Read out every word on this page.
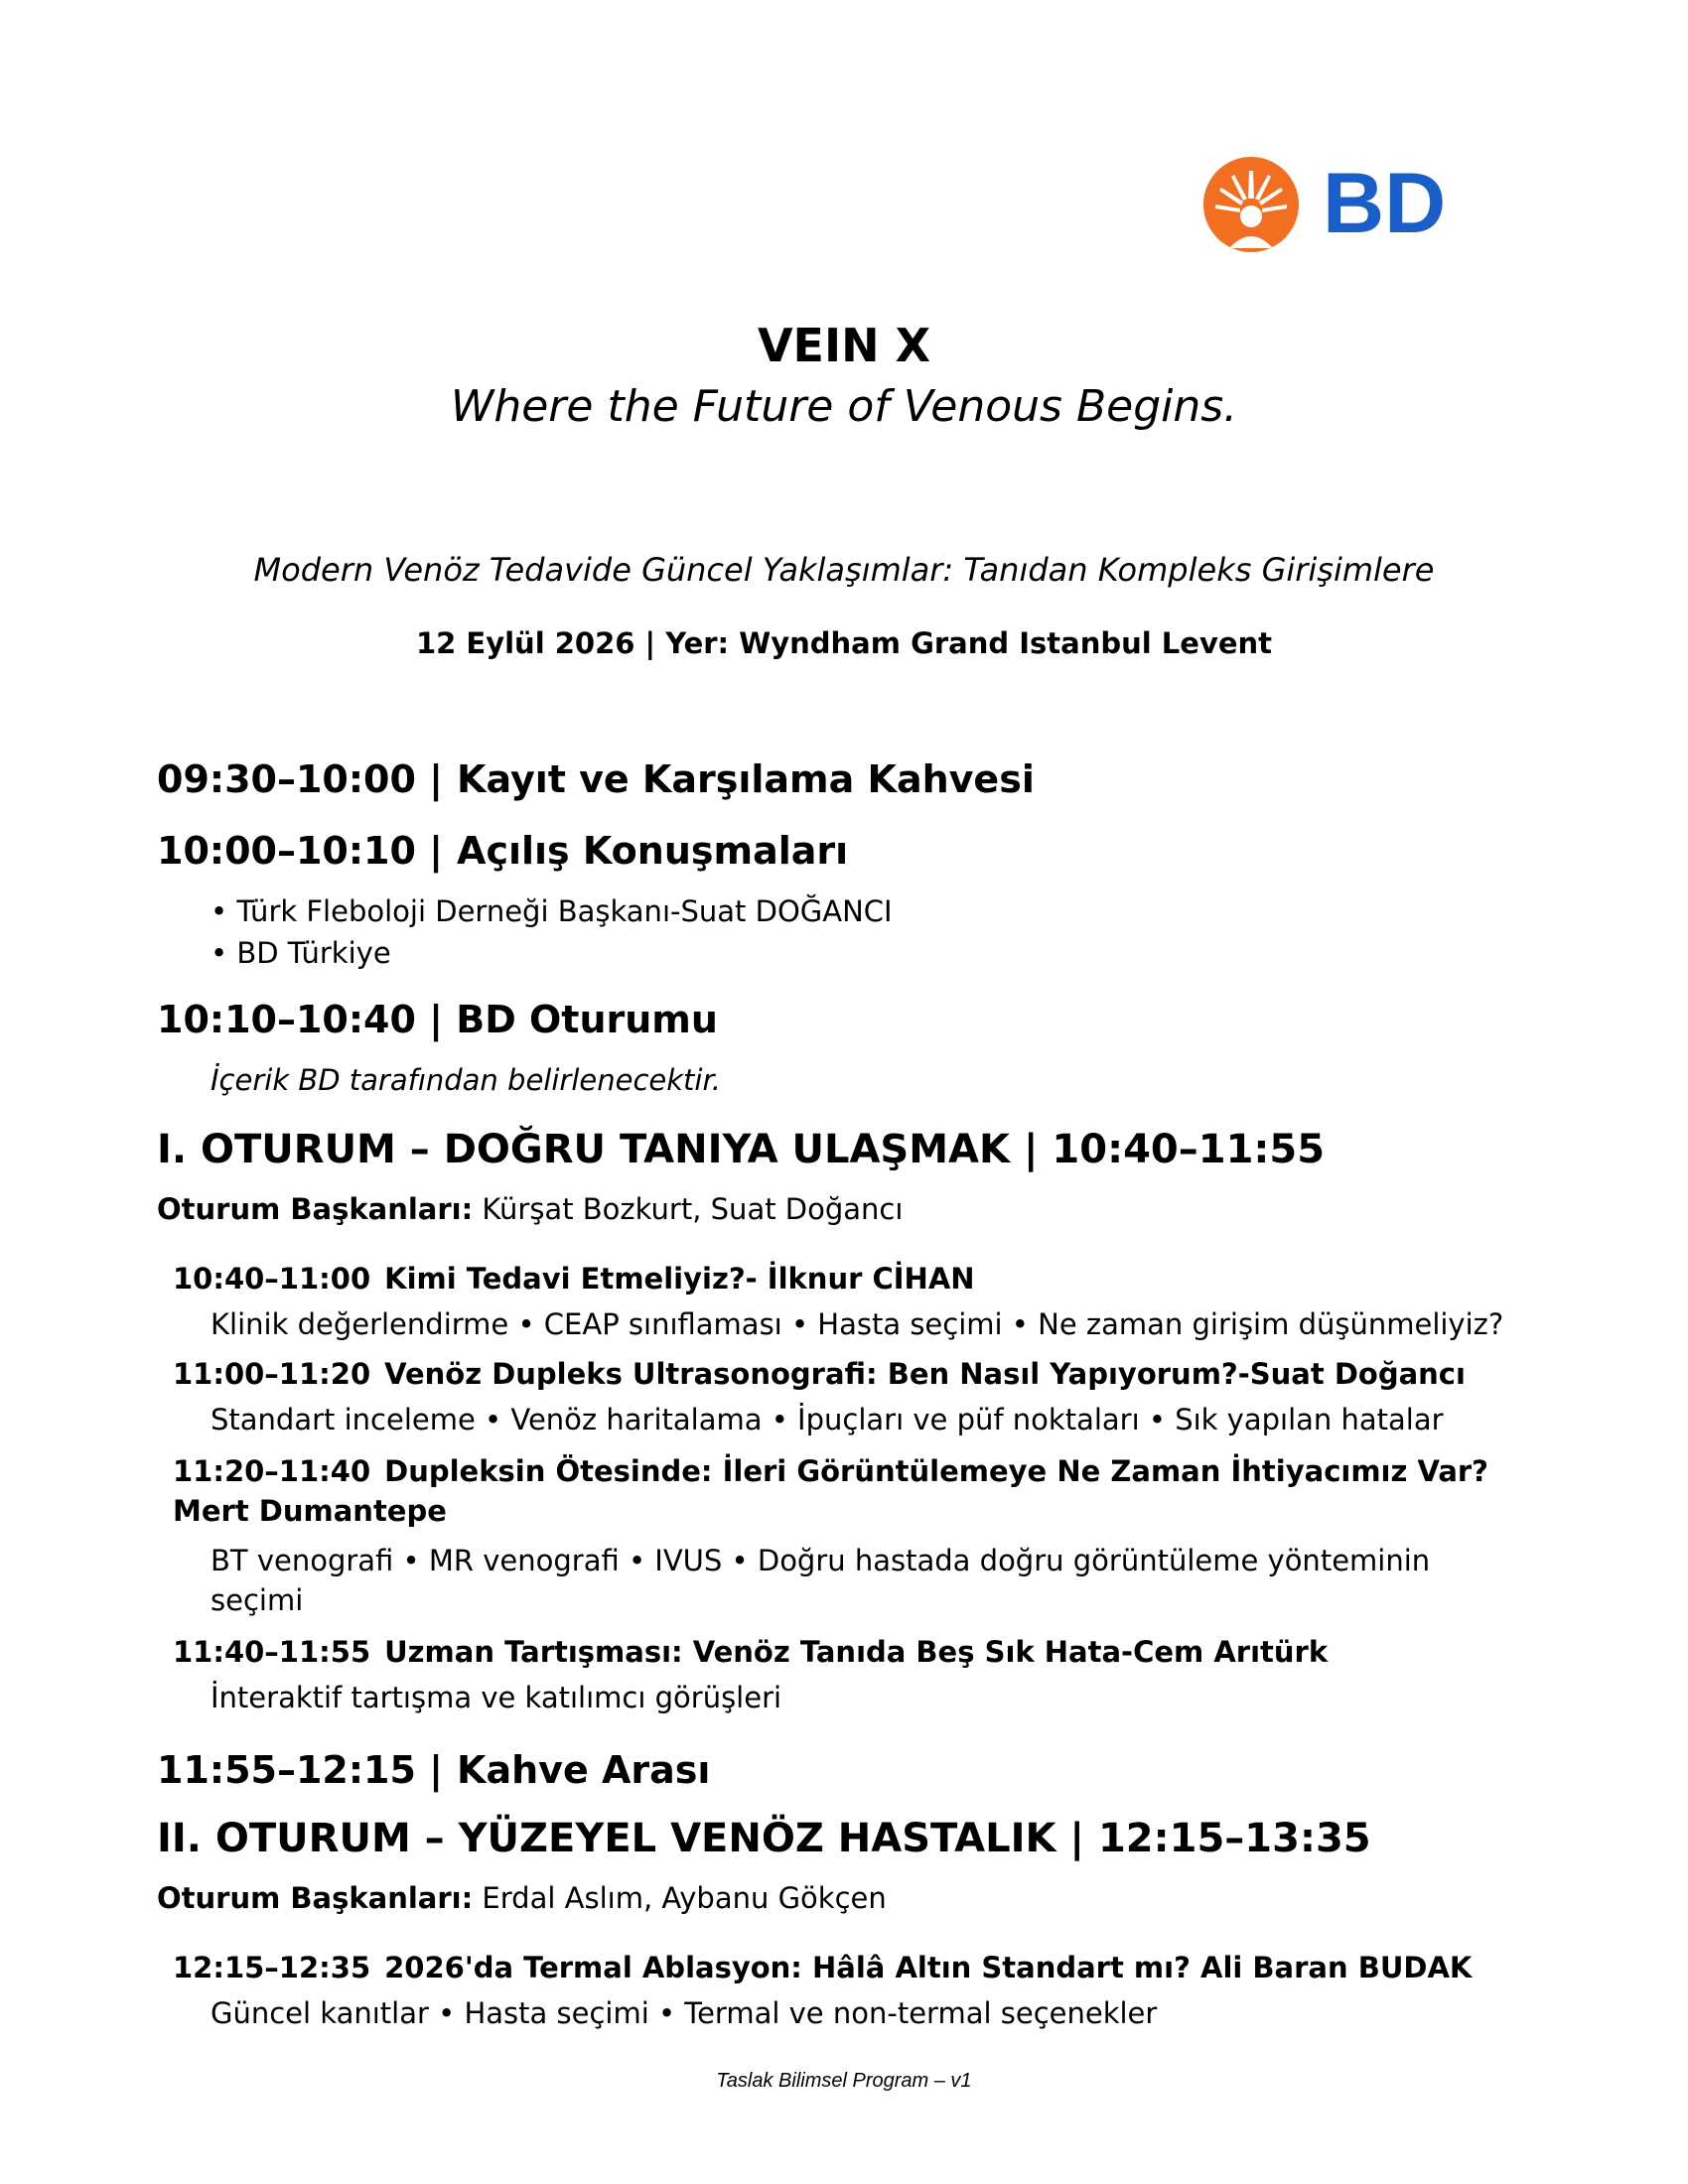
BD
VEIN X
Where the Future of Venous Begins.
Modern Venöz Tedavide Güncel Yaklaşımlar: Tanıdan Kompleks Girişimlere
12 Eylül 2026 | Yer: Wyndham Grand Istanbul Levent
09:30–10:00 | Kayıt ve Karşılama Kahvesi
10:00–10:10 | Açılış Konuşmaları
• Türk Fleboloji Derneği Başkanı-Suat DOĞANCI
• BD Türkiye
10:10–10:40 | BD Oturumu
İçerik BD tarafından belirlenecektir.
I. OTURUM – DOĞRU TANIYA ULAŞMAK | 10:40–11:55
Oturum Başkanları: Kürşat Bozkurt, Suat Doğancı
10:40–11:00 Kimi Tedavi Etmeliyiz?- İlknur CİHAN
Klinik değerlendirme • CEAP sınıflaması • Hasta seçimi • Ne zaman girişim düşünmeliyiz?
11:00–11:20 Venöz Dupleks Ultrasonografi: Ben Nasıl Yapıyorum?-Suat Doğancı
Standart inceleme • Venöz haritalama • İpuçları ve püf noktaları • Sık yapılan hatalar
11:20–11:40 Dupleksin Ötesinde: İleri Görüntülemeye Ne Zaman İhtiyacımız Var? Mert Dumantepe
BT venografi • MR venografi • IVUS • Doğru hastada doğru görüntüleme yönteminin seçimi
11:40–11:55 Uzman Tartışması: Venöz Tanıda Beş Sık Hata-Cem Arıtürk
İnteraktif tartışma ve katılımcı görüşleri
11:55–12:15 | Kahve Arası
II. OTURUM – YÜZEYEL VENÖZ HASTALIK | 12:15–13:35
Oturum Başkanları: Erdal Aslım, Aybanu Gökçen
12:15–12:35 2026'da Termal Ablasyon: Hâlâ Altın Standart mı? Ali Baran BUDAK
Güncel kanıtlar • Hasta seçimi • Termal ve non-termal seçenekler
Taslak Bilimsel Program – v1
